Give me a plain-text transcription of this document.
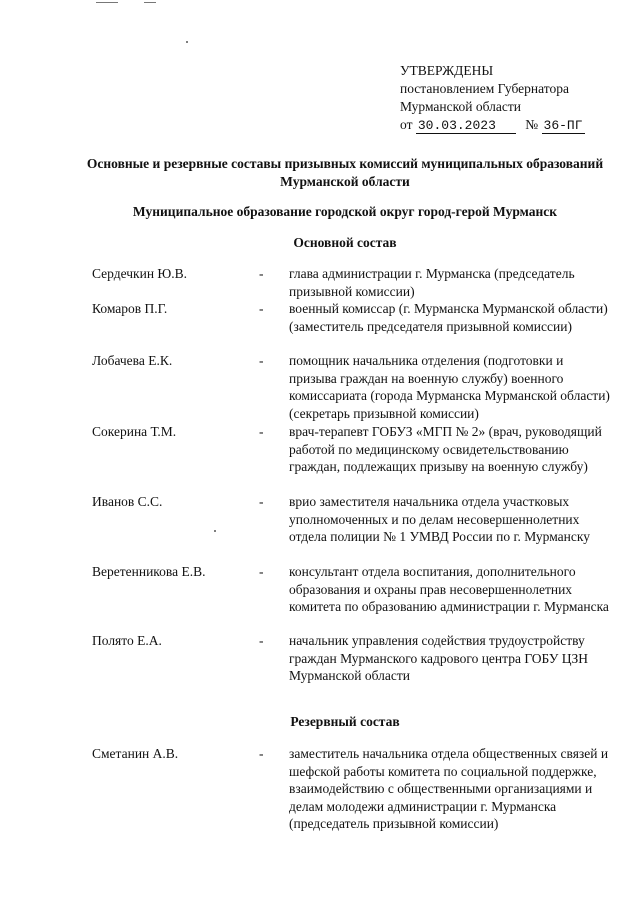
УТВЕРЖДЕНЫ
постановлением Губернатора
Мурманской области
от 30.03.2023 № 36-ПГ
Основные и резервные составы призывных комиссий муниципальных образований Мурманской области
Муниципальное образование городской округ город-герой Мурманск
Основной состав
Сердечкин Ю.В.	- глава администрации г. Мурманска (председатель призывной комиссии)
Комаров П.Г.	- военный комиссар (г. Мурманска Мурманской области) (заместитель председателя призывной комиссии)
Лобачева Е.К.	- помощник начальника отделения (подготовки и призыва граждан на военную службу) военного комиссариата (города Мурманска Мурманской области) (секретарь призывной комиссии)
Сокерина Т.М.	- врач-терапевт ГОБУЗ «МГП № 2» (врач, руководящий работой по медицинскому освидетельствованию граждан, подлежащих призыву на военную службу)
Иванов С.С.	- врио заместителя начальника отдела участковых уполномоченных и по делам несовершеннолетних отдела полиции № 1 УМВД России по г. Мурманску
Веретенникова Е.В.	- консультант отдела воспитания, дополнительного образования и охраны прав несовершеннолетних комитета по образованию администрации г. Мурманска
Полято Е.А.	- начальник управления содействия трудоустройству граждан Мурманского кадрового центра ГОБУ ЦЗН Мурманской области
Резервный состав
Сметанин А.В.	- заместитель начальника отдела общественных связей и шефской работы комитета по социальной поддержке, взаимодействию с общественными организациями и делам молодежи администрации г. Мурманска (председатель призывной комиссии)
